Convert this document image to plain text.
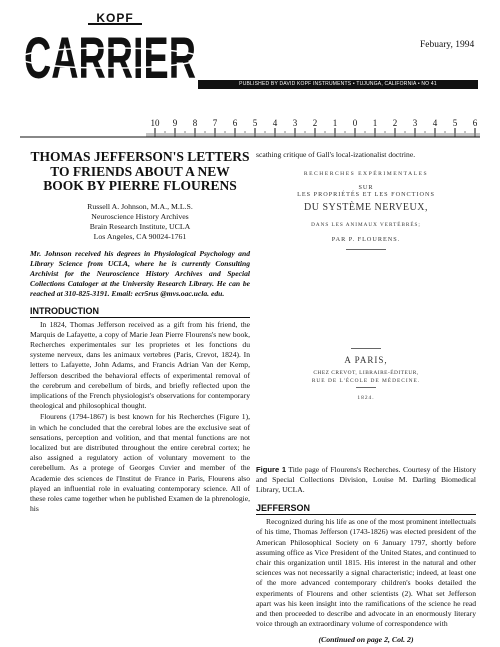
KOPF
CARRIER	Febuary, 1994
PUBLISHED BY DAVID KOPF INSTRUMENTS • TUJUNGA, CALIFORNIA • NO 41
10 9 8 7 6 5 4 3 2 1 0 1 2 3 4 5 6
THOMAS JEFFERSON'S LETTERS TO FRIENDS ABOUT A NEW BOOK BY PIERRE FLOURENS
Russell A. Johnson, M.A., M.L.S.
Neuroscience History Archives
Brain Research Institute, UCLA
Los Angeles, CA 90024-1761

Mr. Johnson received his degrees in Physiological Psychology and Library Science from UCLA, where he is currently Consulting Archivist for the Neuroscience History Archives and Special Collections Cataloger at the University Research Library. He can be reached at 310-825-3191. Email: ecr5rus @mvs.oac.ucla. edu.

INTRODUCTION

In 1824, Thomas Jefferson received as a gift from his friend, the Marquis de Lafayette, a copy of Marie Jean Pierre Flourens's new book, Recherches experimentales sur les proprietes et les fonctions du systeme nerveux, dans les animaux vertebres (Paris, Crevot, 1824). In letters to Lafayette, John Adams, and Francis Adrian Van der Kemp, Jefferson described the behavioral effects of experimental removal of the cerebrum and cerebellum of birds, and briefly reflected upon the implications of the French physiologist's observations for contemporary theological and philosophical thought.

Flourens (1794-1867) is best known for his Recherches (Figure 1), in which he concluded that the cerebral lobes are the exclusive seat of sensations, perception and volition, and that mental functions are not localized but are distributed throughout the entire cerebral cortex; he also assigned a regulatory action of voluntary movement to the cerebellum. As a protege of Georges Cuvier and member of the Academie des sciences de l'Institut de France in Paris, Flourens also played an influential role in evaluating contemporary science. All of these roles came together when he published Examen de la phrenologie, his

scathing critique of Gall's local-izationalist doctrine.

RECHERCHES EXPÉRIMENTALES
SUR
LES PROPRIÉTÉS ET LES FONCTIONS
DU SYSTÈME NERVEUX,
DANS LES ANIMAUX VERTÉBRÉS;
PAR P. FLOURENS.
A PARIS,
CHEZ CREVOT, LIBRAIRE-ÉDITEUR,
RUE DE L'ÉCOLE DE MÉDECINE.
1824.

Figure 1 Title page of Flourens's Recherches. Courtesy of the History and Special Collections Division, Louise M. Darling Biomedical Library, UCLA.

JEFFERSON

Recognized during his life as one of the most prominent intellectuals of his time, Thomas Jefferson (1743-1826) was elected president of the American Philosophical Society on 6 January 1797, shortly before assuming office as Vice President of the United States, and continued to chair this organization until 1815. His interest in the natural and other sciences was not necessarily a signal characteristic; indeed, at least one of the more advanced contemporary children's books detailed the experiments of Flourens and other scientists (2). What set Jefferson apart was his keen insight into the ramifications of the science he read and then proceeded to describe and advocate in an enormously literary voice through an extraordinary volume of correspondence with

(Continued on page 2, Col. 2)
